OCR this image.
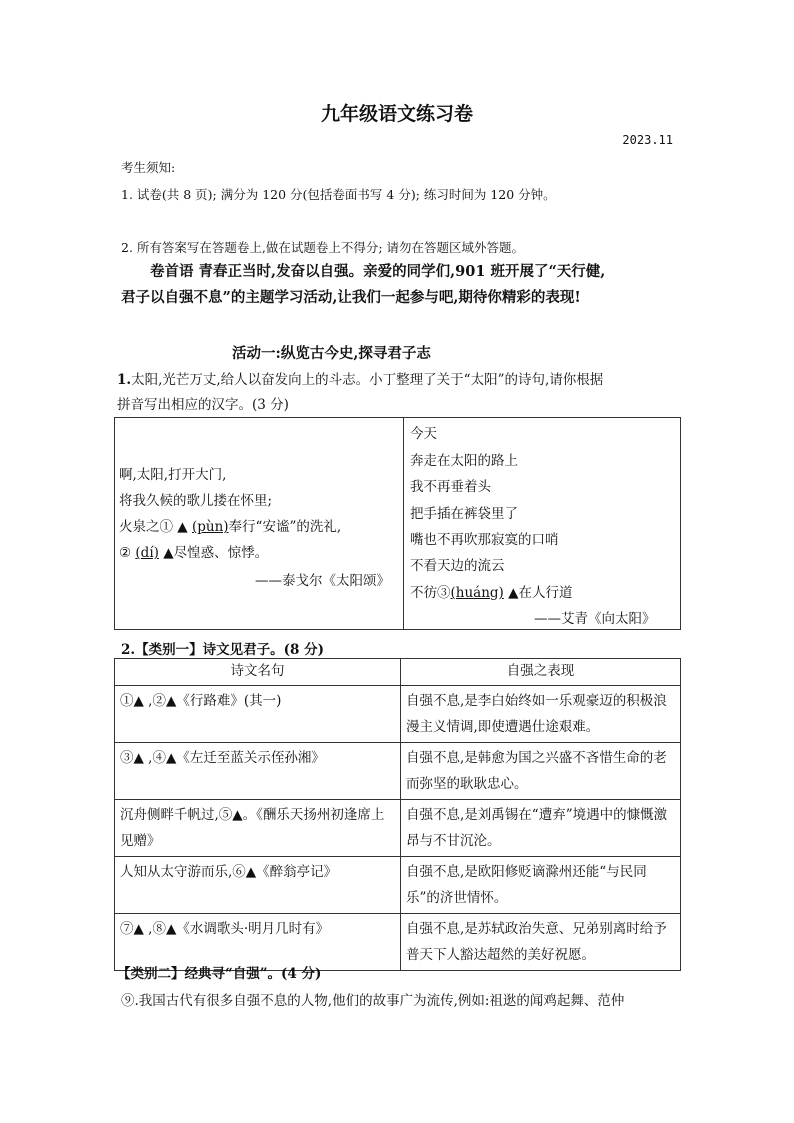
九年级语文练习卷
2023.11
考生须知:
1. 试卷(共 8 页); 满分为 120 分(包括卷面书写 4 分); 练习时间为 120 分钟。
2. 所有答案写在答题卷上,做在试题卷上不得分; 请勿在答题区域外答题。
卷首语 青春正当时,发奋以自强。亲爱的同学们,901 班开展了“天行健,
君子以自强不息”的主题学习活动,让我们一起参与吧,期待你精彩的表现!
活动一:纵览古今史,探寻君子志
1.太阳,光芒万丈,给人以奋发向上的斗志。小丁整理了关于“太阳”的诗句,请你根据
拼音写出相应的汉字。(3 分)
啊,太阳,打开大门,
将我久候的歌儿搂在怀里;
火泉之① ▲ (pùn)奉行“安谧”的洗礼,
② (dí) ▲尽惶惑、惊悸。
——泰戈尔《太阳颂》

今天
奔走在太阳的路上
我不再垂着头
把手插在裤袋里了
嘴也不再吹那寂寞的口哨
不看天边的流云
不彷③(huáng) ▲在人行道
——艾青《向太阳》
2.【类别一】诗文见君子。(8 分)
诗文名句	自强之表现
①▲ ,②▲《行路难》(其一)	自强不息,是李白始终如一乐观豪迈的积极浪漫主义情调,即使遭遇仕途艰难。
③▲ ,④▲《左迁至蓝关示侄孙湘》	自强不息,是韩愈为国之兴盛不吝惜生命的老而弥坚的耿耿忠心。
沉舟侧畔千帆过,⑤▲。《酬乐天扬州初逢席上见赠》	自强不息,是刘禹锡在“遭弃”境遇中的慷慨激昂与不甘沉沦。
人知从太守游而乐,⑥▲《醉翁亭记》	自强不息,是欧阳修贬谪滁州还能“与民同乐”的济世情怀。
⑦▲ ,⑧▲《水调歌头·明月几时有》	自强不息,是苏轼政治失意、兄弟别离时给予普天下人豁达超然的美好祝愿。
【类别二】经典寻“自强”。(4 分)
⑨.我国古代有很多自强不息的人物,他们的故事广为流传,例如:祖逖的闻鸡起舞、范仲
